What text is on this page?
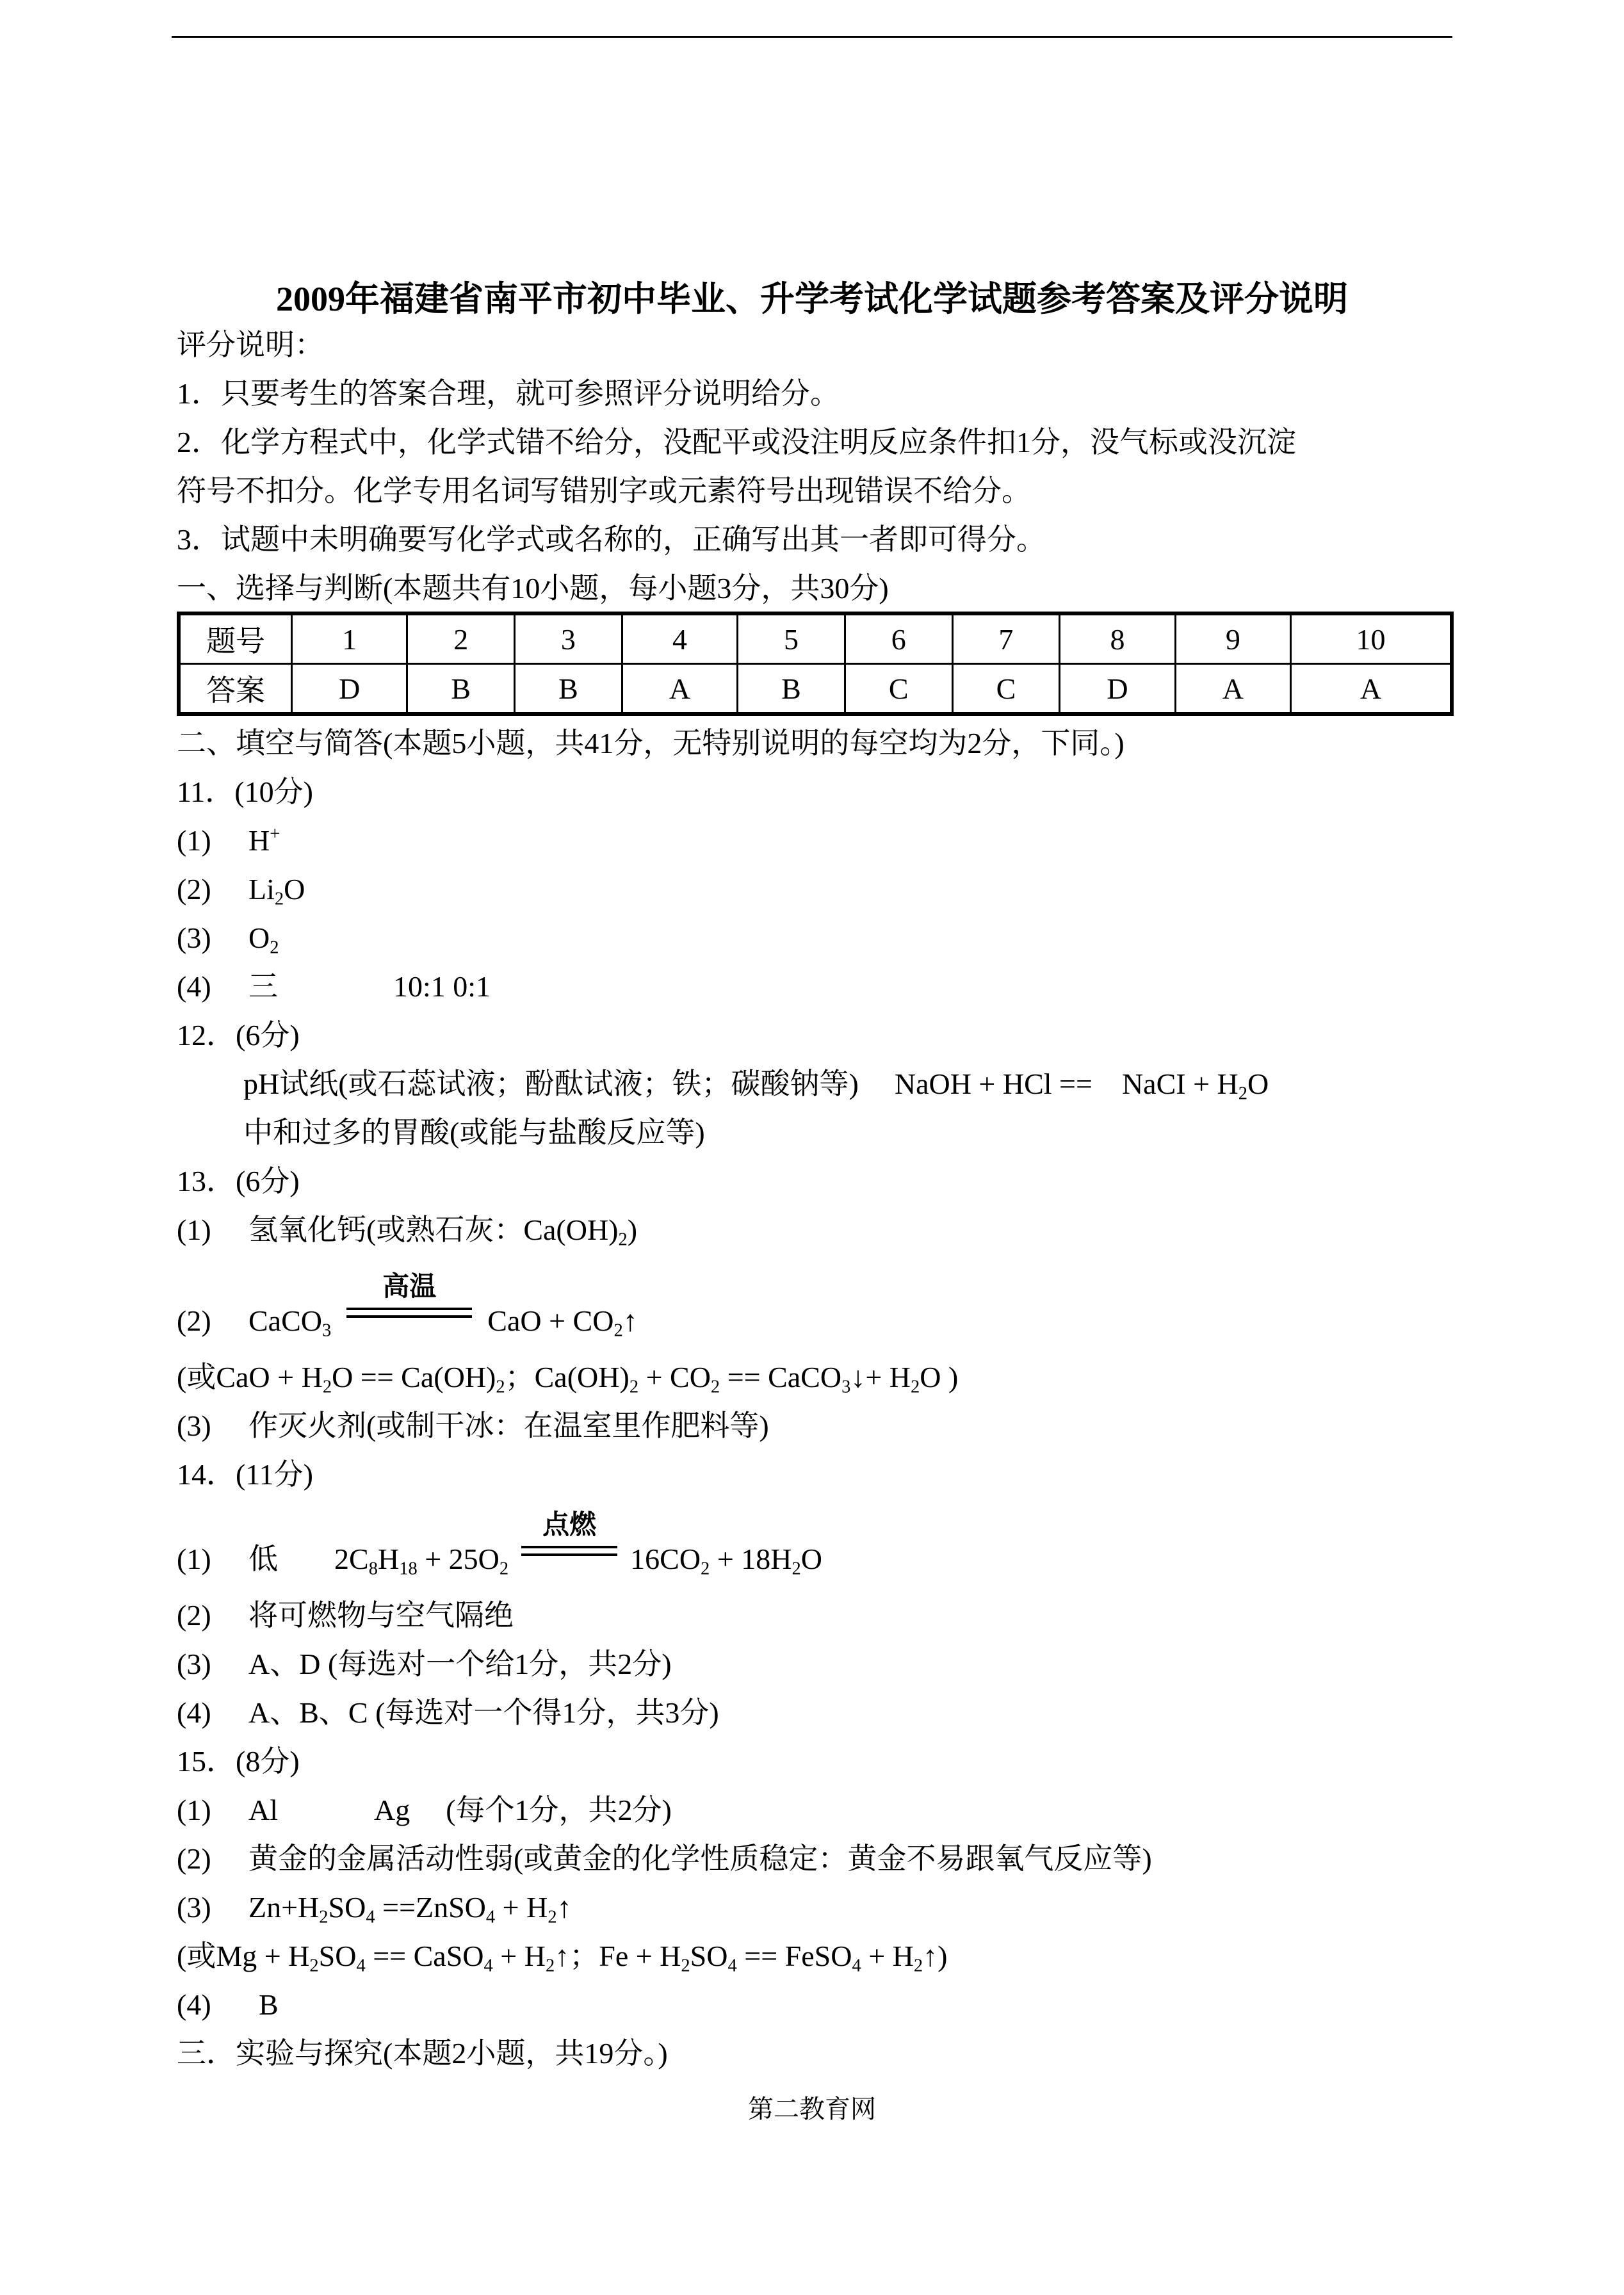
2009年福建省南平市初中毕业、升学考试化学试题参考答案及评分说明
评分说明：
1．只要考生的答案合理，就可参照评分说明给分。
2．化学方程式中，化学式错不给分，没配平或没注明反应条件扣1分，没气标或没沉淀
符号不扣分。化学专用名词写错别字或元素符号出现错误不给分。
3．试题中未明确要写化学式或名称的，正确写出其一者即可得分。
一、选择与判断(本题共有10小题，每小题3分，共30分)
题号	1	2	3	4	5	6	7	8	9	10
答案	D	B	B	A	B	C	C	D	A	A
二、填空与简答(本题5小题，共41分，无特别说明的每空均为2分，下同。)
11．(10分)
(1) H+
(2) $Li_2O$
(3) $O_2$
(4) 三	10:1 0:1
12．(6分)
pH试纸(或石蕊试液；酚酞试液；铁；碳酸钠等) NaOH + HCl ==    NaCI + $H_2O$
中和过多的胃酸(或能与盐酸反应等)
13．(6分)
(1) 氢氧化钙(或熟石灰：$Ca(OH)_2$)
(2) CaCO$_3$
高温
CaO + $CO_2↑$
(或CaO + $H_2O == Ca(OH)_2$；$Ca(OH)_2 + CO_2$ == CaCO$_3$↓+ $H_2O$ )
(3) 作灭火剂(或制干冰：在温室里作肥料等)
14．(11分)
(1) 低 $2C_8H_{18} + 25O_2$
点燃
$16CO_2 + 18H_2O$
(2) 将可燃物与空气隔绝
(3) A、D (每选对一个给1分，共2分)
(4) A、B、C (每选对一个得1分，共3分)
15．(8分)
(1) Al	Ag (每个1分，共2分)
(2) 黄金的金属活动性弱(或黄金的化学性质稳定：黄金不易跟氧气反应等)
(3) $Zn+H_2SO_4$ ==ZnSO$_4$ + $H_2↑$
(或$Mg + H_2SO_4$ == CaSO$_4$ + $H_2↑$；$Fe + H_2SO_4$ == FeSO$_4$ + $H_2↑$)
(4) B
三．实验与探究(本题2小题，共19分。)
第二教育网
